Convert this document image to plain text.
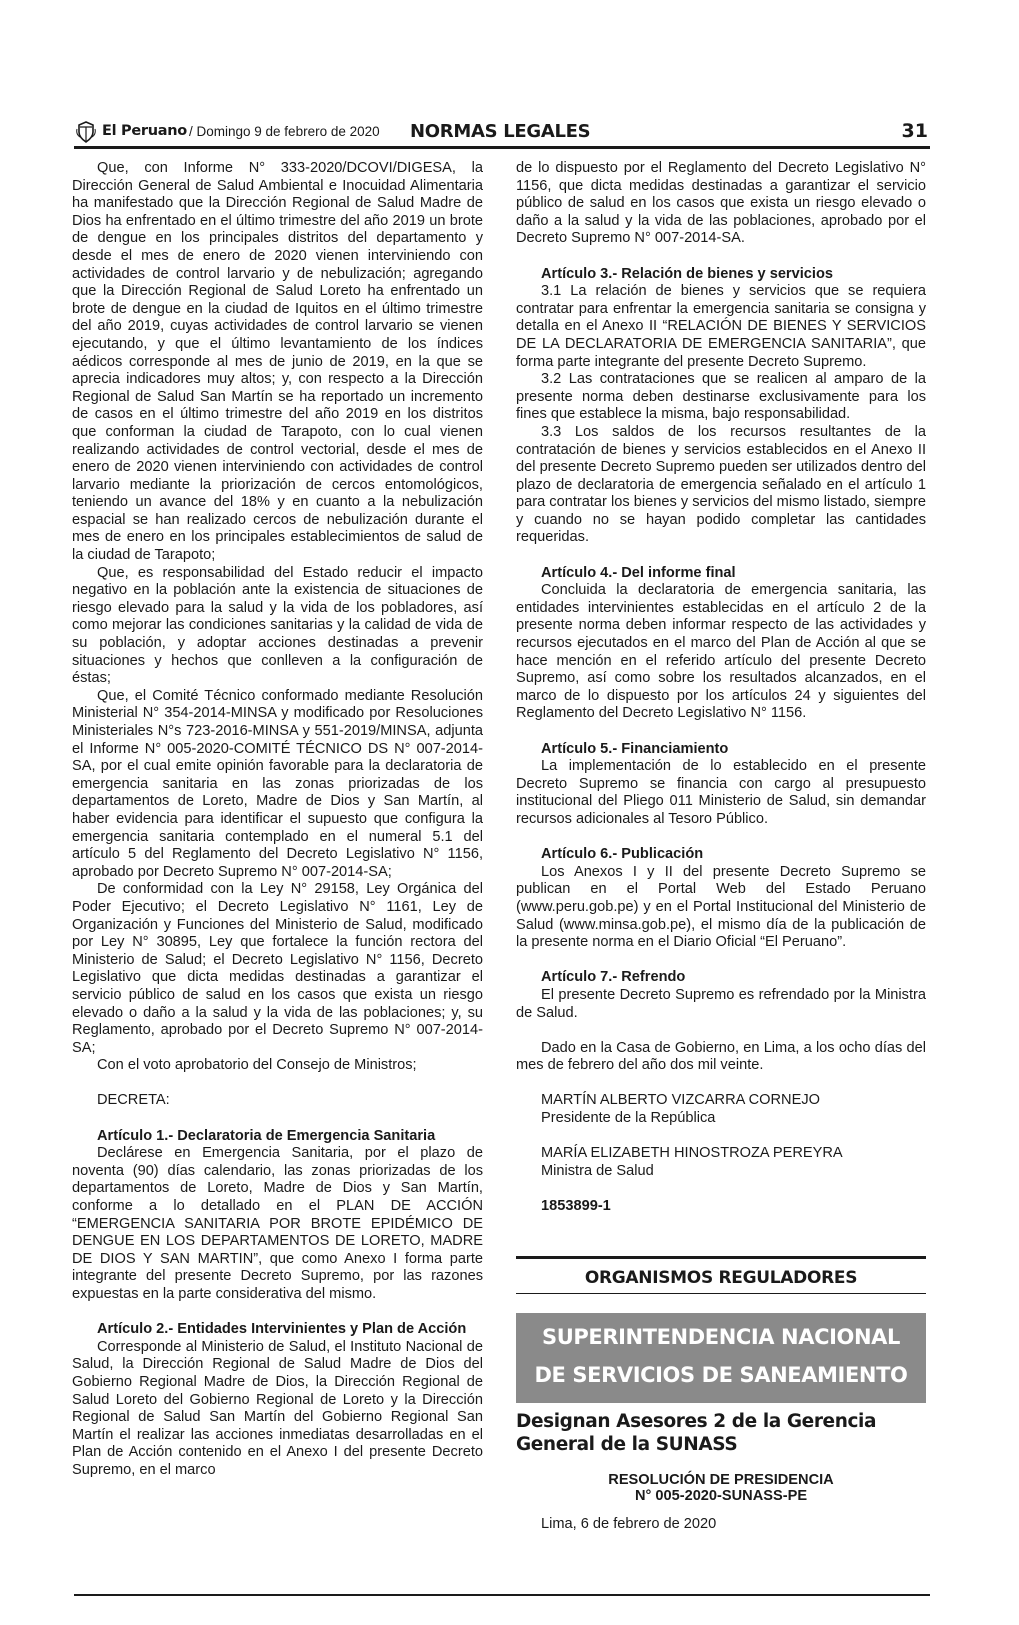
El Peruano / Domingo 9 de febrero de 2020 NORMAS LEGALES	31

Que, con Informe N° 333-2020/DCOVI/DIGESA, la Dirección General de Salud Ambiental e Inocuidad Alimentaria ha manifestado que la Dirección Regional de Salud Madre de Dios ha enfrentado en el último trimestre del año 2019 un brote de dengue en los principales distritos del departamento y desde el mes de enero de 2020 vienen interviniendo con actividades de control larvario y de nebulización; agregando que la Dirección Regional de Salud Loreto ha enfrentado un brote de dengue en la ciudad de Iquitos en el último trimestre del año 2019, cuyas actividades de control larvario se vienen ejecutando, y que el último levantamiento de los índices aédicos corresponde al mes de junio de 2019, en la que se aprecia indicadores muy altos; y, con respecto a la Dirección Regional de Salud San Martín se ha reportado un incremento de casos en el último trimestre del año 2019 en los distritos que conforman la ciudad de Tarapoto, con lo cual vienen realizando actividades de control vectorial, desde el mes de enero de 2020 vienen interviniendo con actividades de control larvario mediante la priorización de cercos entomológicos, teniendo un avance del 18% y en cuanto a la nebulización espacial se han realizado cercos de nebulización durante el mes de enero en los principales establecimientos de salud de la ciudad de Tarapoto;

Que, es responsabilidad del Estado reducir el impacto negativo en la población ante la existencia de situaciones de riesgo elevado para la salud y la vida de los pobladores, así como mejorar las condiciones sanitarias y la calidad de vida de su población, y adoptar acciones destinadas a prevenir situaciones y hechos que conlleven a la configuración de éstas;

Que, el Comité Técnico conformado mediante Resolución Ministerial N° 354-2014-MINSA y modificado por Resoluciones Ministeriales N°s 723-2016-MINSA y 551-2019/MINSA, adjunta el Informe N° 005-2020-COMITÉ TÉCNICO DS N° 007-2014-SA, por el cual emite opinión favorable para la declaratoria de emergencia sanitaria en las zonas priorizadas de los departamentos de Loreto, Madre de Dios y San Martín, al haber evidencia para identificar el supuesto que configura la emergencia sanitaria contemplado en el numeral 5.1 del artículo 5 del Reglamento del Decreto Legislativo N° 1156, aprobado por Decreto Supremo N° 007-2014-SA;

De conformidad con la Ley N° 29158, Ley Orgánica del Poder Ejecutivo; el Decreto Legislativo N° 1161, Ley de Organización y Funciones del Ministerio de Salud, modificado por Ley N° 30895, Ley que fortalece la función rectora del Ministerio de Salud; el Decreto Legislativo N° 1156, Decreto Legislativo que dicta medidas destinadas a garantizar el servicio público de salud en los casos que exista un riesgo elevado o daño a la salud y la vida de las poblaciones; y, su Reglamento, aprobado por el Decreto Supremo N° 007-2014-SA;

Con el voto aprobatorio del Consejo de Ministros;

DECRETA:

Artículo 1.- Declaratoria de Emergencia Sanitaria

Declárese en Emergencia Sanitaria, por el plazo de noventa (90) días calendario, las zonas priorizadas de los departamentos de Loreto, Madre de Dios y San Martín, conforme a lo detallado en el PLAN DE ACCIÓN “EMERGENCIA SANITARIA POR BROTE EPIDÉMICO DE DENGUE EN LOS DEPARTAMENTOS DE LORETO, MADRE DE DIOS Y SAN MARTIN”, que como Anexo I forma parte integrante del presente Decreto Supremo, por las razones expuestas en la parte considerativa del mismo.

Artículo 2.- Entidades Intervinientes y Plan de Acción

Corresponde al Ministerio de Salud, el Instituto Nacional de Salud, la Dirección Regional de Salud Madre de Dios del Gobierno Regional Madre de Dios, la Dirección Regional de Salud Loreto del Gobierno Regional de Loreto y la Dirección Regional de Salud San Martín del Gobierno Regional San Martín el realizar las acciones inmediatas desarrolladas en el Plan de Acción contenido en el Anexo I del presente Decreto Supremo, en el marco

de lo dispuesto por el Reglamento del Decreto Legislativo N° 1156, que dicta medidas destinadas a garantizar el servicio público de salud en los casos que exista un riesgo elevado o daño a la salud y la vida de las poblaciones, aprobado por el Decreto Supremo N° 007-2014-SA.

Artículo 3.- Relación de bienes y servicios

3.1 La relación de bienes y servicios que se requiera contratar para enfrentar la emergencia sanitaria se consigna y detalla en el Anexo II “RELACIÓN DE BIENES Y SERVICIOS DE LA DECLARATORIA DE EMERGENCIA SANITARIA”, que forma parte integrante del presente Decreto Supremo.

3.2 Las contrataciones que se realicen al amparo de la presente norma deben destinarse exclusivamente para los fines que establece la misma, bajo responsabilidad.

3.3 Los saldos de los recursos resultantes de la contratación de bienes y servicios establecidos en el Anexo II del presente Decreto Supremo pueden ser utilizados dentro del plazo de declaratoria de emergencia señalado en el artículo 1 para contratar los bienes y servicios del mismo listado, siempre y cuando no se hayan podido completar las cantidades requeridas.

Artículo 4.- Del informe final

Concluida la declaratoria de emergencia sanitaria, las entidades intervinientes establecidas en el artículo 2 de la presente norma deben informar respecto de las actividades y recursos ejecutados en el marco del Plan de Acción al que se hace mención en el referido artículo del presente Decreto Supremo, así como sobre los resultados alcanzados, en el marco de lo dispuesto por los artículos 24 y siguientes del Reglamento del Decreto Legislativo N° 1156.

Artículo 5.- Financiamiento

La implementación de lo establecido en el presente Decreto Supremo se financia con cargo al presupuesto institucional del Pliego 011 Ministerio de Salud, sin demandar recursos adicionales al Tesoro Público.

Artículo 6.- Publicación

Los Anexos I y II del presente Decreto Supremo se publican en el Portal Web del Estado Peruano (www.peru.gob.pe) y en el Portal Institucional del Ministerio de Salud (www.minsa.gob.pe), el mismo día de la publicación de la presente norma en el Diario Oficial “El Peruano”.

Artículo 7.- Refrendo

El presente Decreto Supremo es refrendado por la Ministra de Salud.

Dado en la Casa de Gobierno, en Lima, a los ocho días del mes de febrero del año dos mil veinte.

MARTÍN ALBERTO VIZCARRA CORNEJO

Presidente de la República

MARÍA ELIZABETH HINOSTROZA PEREYRA

Ministra de Salud

1853899-1

ORGANISMOS REGULADORES
SUPERINTENDENCIA NACIONAL
DE SERVICIOS DE SANEAMIENTO
Designan Asesores 2 de la Gerencia General de la SUNASS
RESOLUCIÓN DE PRESIDENCIA
N° 005-2020-SUNASS-PE
Lima, 6 de febrero de 2020
